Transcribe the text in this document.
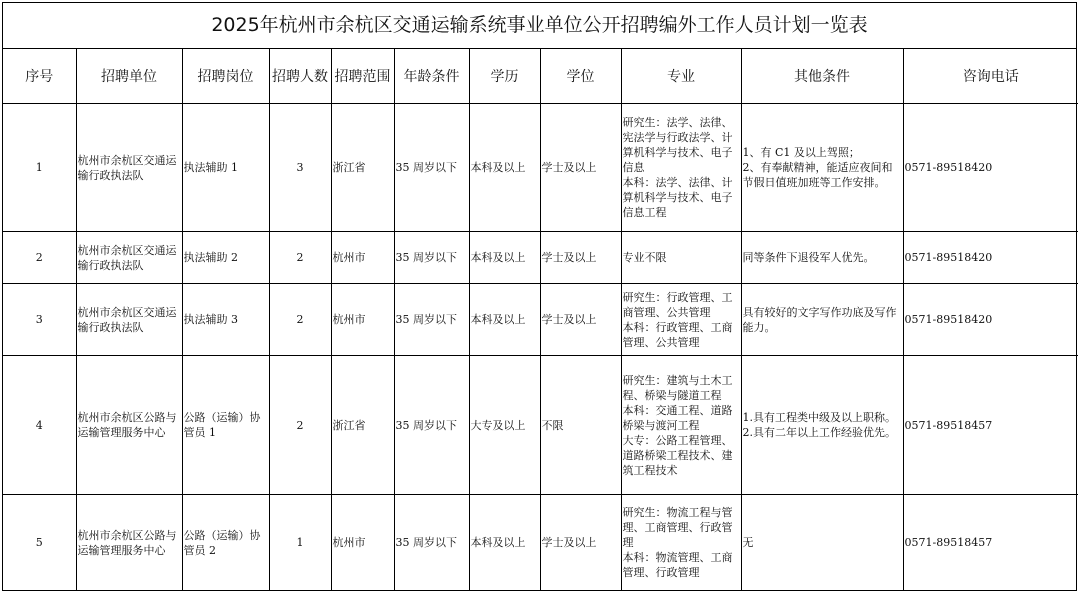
2025年杭州市余杭区交通运输系统事业单位公开招聘编外工作人员计划一览表
序号	招聘单位	招聘岗位	招聘人数	招聘范围	年龄条件	学历	学位	专业	其他条件	咨询电话
1	杭州市余杭区交通运输行政执法队	执法辅助 1	3	浙江省	35 周岁以下	本科及以上	学士及以上	研究生：法学、法律、宪法学与行政法学、计算机科学与技术、电子信息
本科：法学、法律、计算机科学与技术、电子信息工程	1、有 C1 及以上驾照；
2、有奉献精神，能适应夜间和节假日值班加班等工作安排。	0571-89518420
2	杭州市余杭区交通运输行政执法队	执法辅助 2	2	杭州市	35 周岁以下	本科及以上	学士及以上	专业不限	同等条件下退役军人优先。	0571-89518420
3	杭州市余杭区交通运输行政执法队	执法辅助 3	2	杭州市	35 周岁以下	本科及以上	学士及以上	研究生：行政管理、工商管理、公共管理
本科：行政管理、工商管理、公共管理	具有较好的文字写作功底及写作能力。	0571-89518420
4	杭州市余杭区公路与运输管理服务中心	公路（运输）协管员 1	2	浙江省	35 周岁以下	大专及以上	不限	研究生：建筑与土木工程、桥梁与隧道工程
本科：交通工程、道路桥梁与渡河工程
大专：公路工程管理、道路桥梁工程技术、建筑工程技术	1.具有工程类中级及以上职称。
2.具有二年以上工作经验优先。	0571-89518457
5	杭州市余杭区公路与运输管理服务中心	公路（运输）协管员 2	1	杭州市	35 周岁以下	本科及以上	学士及以上	研究生：物流工程与管理、工商管理、行政管理
本科：物流管理、工商管理、行政管理	无	0571-89518457
